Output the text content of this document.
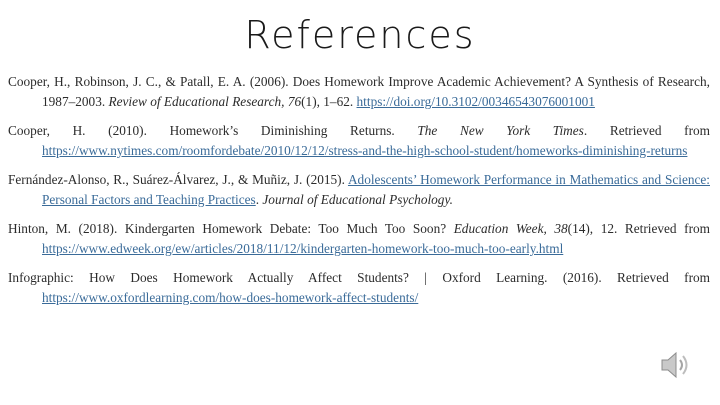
References

Cooper, H., Robinson, J. C., & Patall, E. A. (2006). Does Homework Improve Academic Achievement? A Synthesis of Research, 1987–2003. Review of Educational Research, 76(1), 1–62. https://doi.org/10.3102/00346543076001001

Cooper, H. (2010). Homework’s Diminishing Returns. The New York Times. Retrieved from https://www.nytimes.com/roomfordebate/2010/12/12/stress-and-the-high-school-student/homeworks-diminishing-returns

Fernández-Alonso, R., Suárez-Álvarez, J., & Muñiz, J. (2015). Adolescents’ Homework Performance in Mathematics and Science: Personal Factors and Teaching Practices. Journal of Educational Psychology.

Hinton, M. (2018). Kindergarten Homework Debate: Too Much Too Soon? Education Week, 38(14), 12. Retrieved from https://www.edweek.org/ew/articles/2018/11/12/kindergarten-homework-too-much-too-early.html

Infographic: How Does Homework Actually Affect Students? | Oxford Learning. (2016). Retrieved from https://www.oxfordlearning.com/how-does-homework-affect-students/
